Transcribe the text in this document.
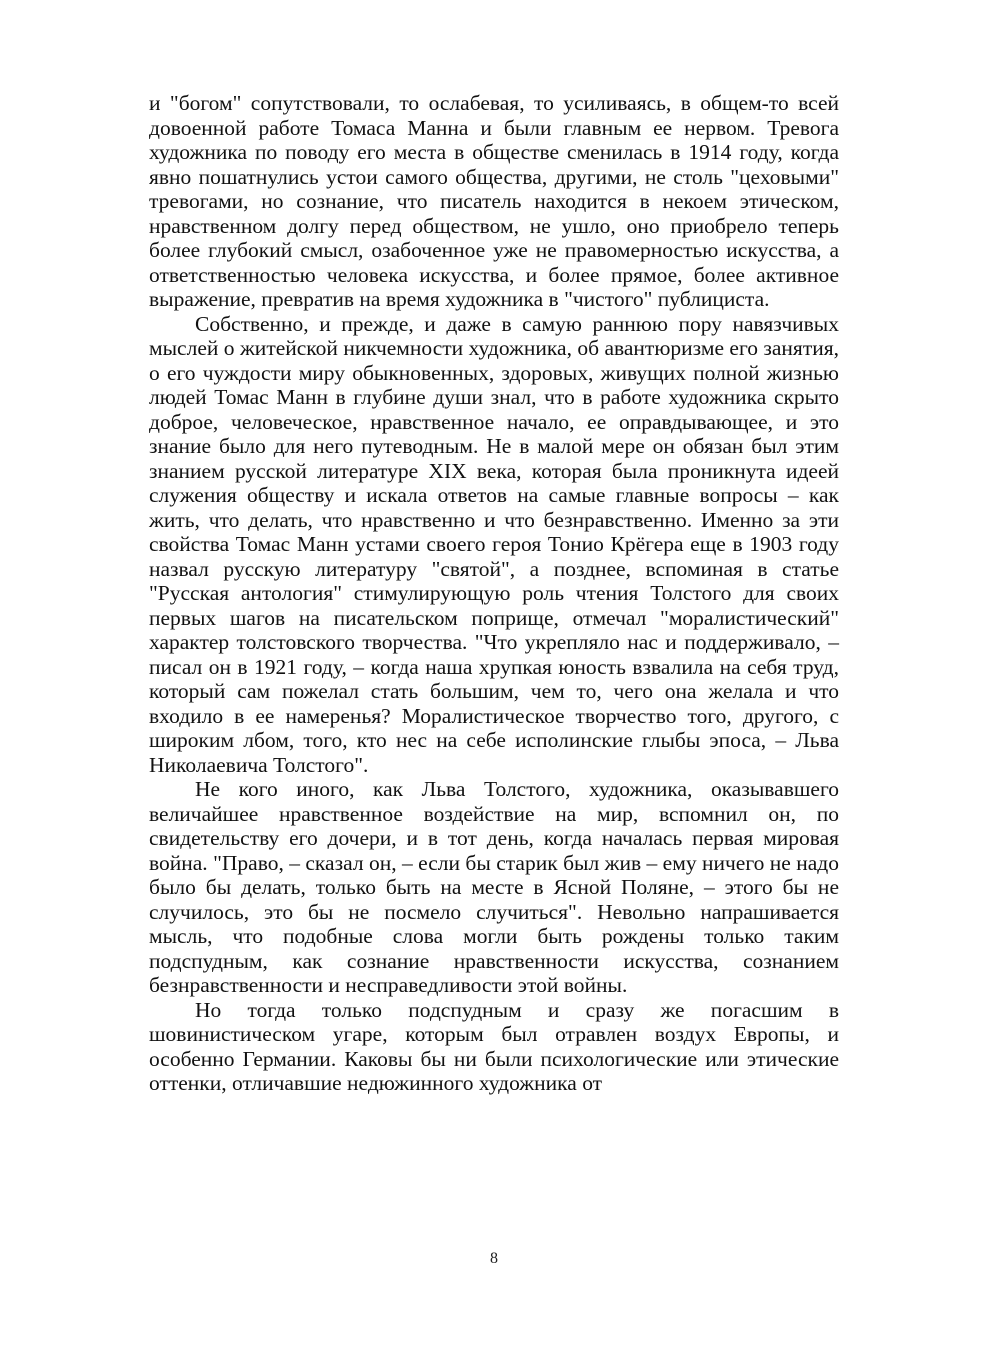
и "богом" сопутствовали, то ослабевая, то усиливаясь, в общем-то всей довоенной работе Томаса Манна и были главным ее нервом. Тревога художника по поводу его места в обществе сменилась в 1914 году, когда явно пошатнулись устои самого общества, другими, не столь "цеховыми" тревогами, но сознание, что писатель находится в некоем этическом, нравственном долгу перед обществом, не ушло, оно приобрело теперь более глубокий смысл, озабоченное уже не правомерностью искусства, а ответственностью человека искусства, и более прямое, более активное выражение, превратив на время художника в "чистого" публициста.

Собственно, и прежде, и даже в самую раннюю пору навязчивых мыслей о житейской никчемности художника, об авантюризме его занятия, о его чуждости миру обыкновенных, здоровых, живущих полной жизнью людей Томас Манн в глубине души знал, что в работе художника скрыто доброе, человеческое, нравственное начало, ее оправдывающее, и это знание было для него путеводным. Не в малой мере он обязан был этим знанием русской литературе XIX века, которая была проникнута идеей служения обществу и искала ответов на самые главные вопросы – как жить, что делать, что нравственно и что безнравственно. Именно за эти свойства Томас Манн устами своего героя Тонио Крёгера еще в 1903 году назвал русскую литературу "святой", а позднее, вспоминая в статье "Русская антология" стимулирующую роль чтения Толстого для своих первых шагов на писательском поприще, отмечал "моралистический" характер толстовского творчества. "Что укрепляло нас и поддерживало, – писал он в 1921 году, – когда наша хрупкая юность взвалила на себя труд, который сам пожелал стать большим, чем то, чего она желала и что входило в ее намеренья? Моралистическое творчество того, другого, с широким лбом, того, кто нес на себе исполинские глыбы эпоса, – Льва Николаевича Толстого".

Не кого иного, как Льва Толстого, художника, оказывавшего величайшее нравственное воздействие на мир, вспомнил он, по свидетельству его дочери, и в тот день, когда началась первая мировая война. "Право, – сказал он, – если бы старик был жив – ему ничего не надо было бы делать, только быть на месте в Ясной Поляне, – этого бы не случилось, это бы не посмело случиться". Невольно напрашивается мысль, что подобные слова могли быть рождены только таким подспудным, как сознание нравственности искусства, сознанием безнравственности и несправедливости этой войны.

Но тогда только подспудным и сразу же погасшим в шовинистическом угаре, которым был отравлен воздух Европы, и особенно Германии. Каковы бы ни были психологические или этические оттенки, отличавшие недюжинного художника от

8
